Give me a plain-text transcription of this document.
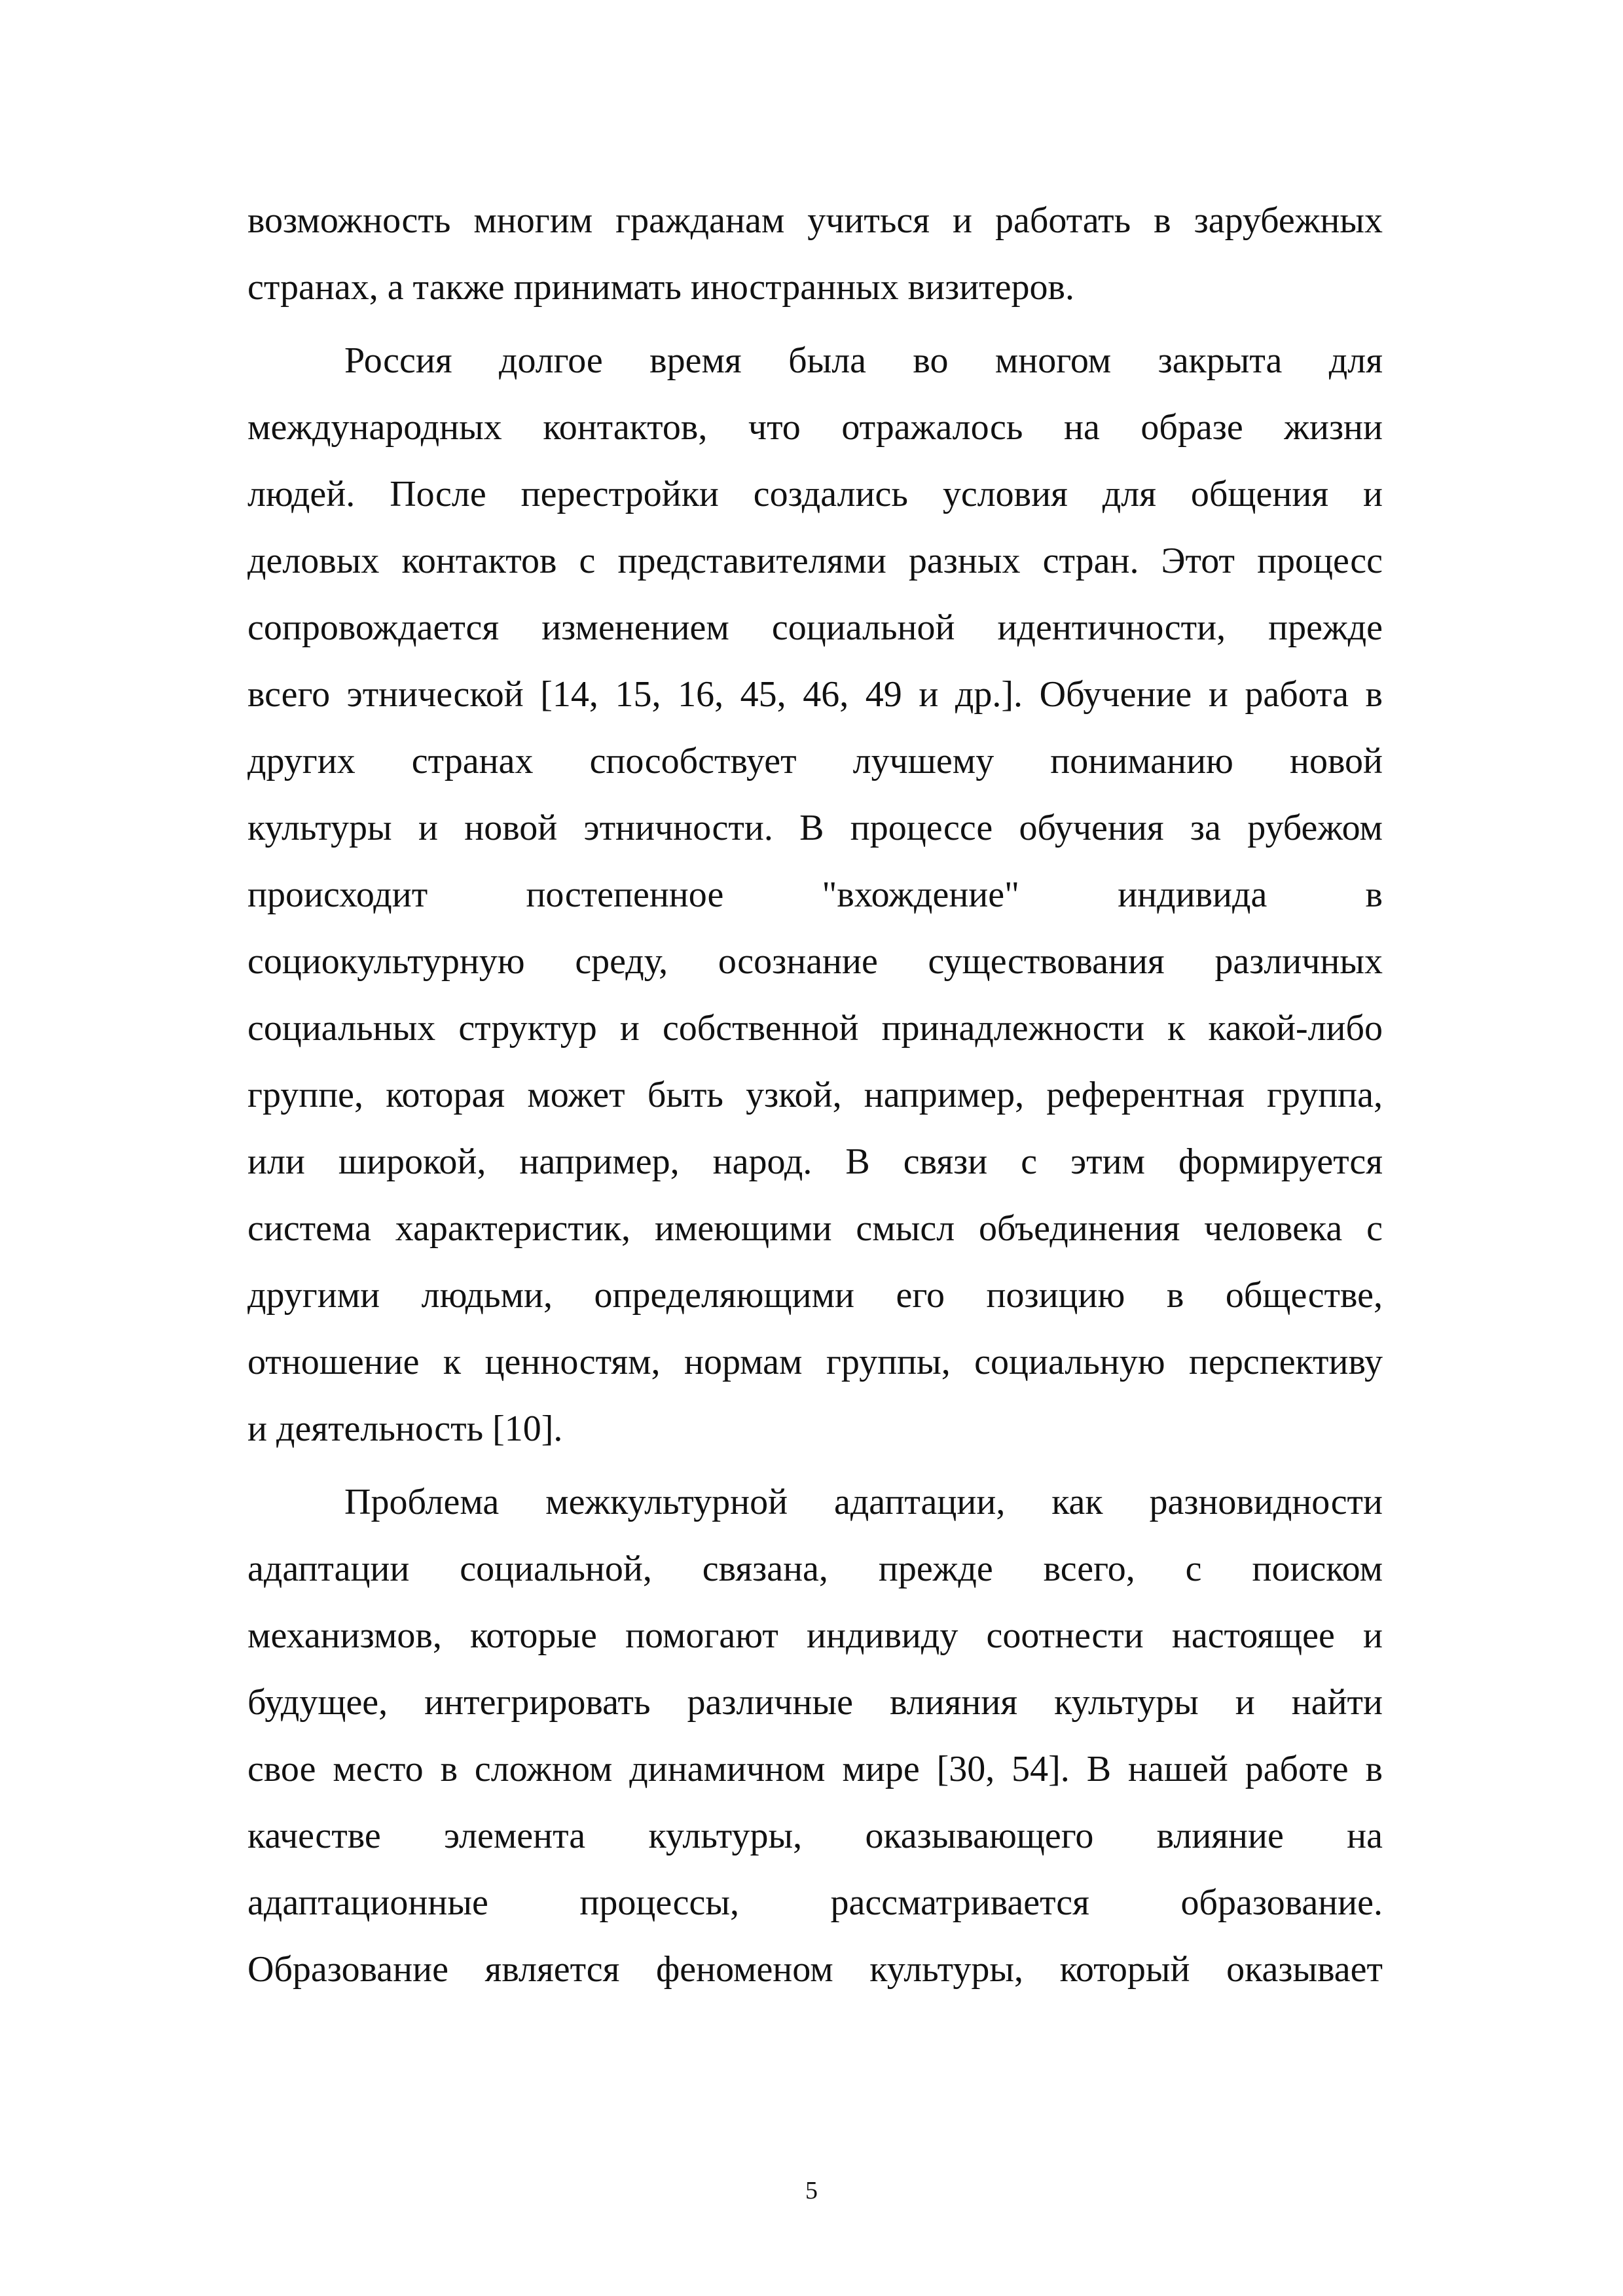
возможность многим гражданам учиться и работать в зарубежных
странах, а также принимать иностранных визитеров.
Россия долгое время была во многом закрыта для
международных контактов, что отражалось на образе жизни
людей. После перестройки создались условия для общения и
деловых контактов с представителями разных стран. Этот процесс
сопровождается изменением социальной идентичности, прежде
всего этнической [14, 15, 16, 45, 46, 49 и др.]. Обучение и работа в
других странах способствует лучшему пониманию новой
культуры и новой этничности. В процессе обучения за рубежом
происходит постепенное "вхождение" индивида в
социокультурную среду, осознание существования различных
социальных структур и собственной принадлежности к какой-либо
группе, которая может быть узкой, например, референтная группа,
или широкой, например, народ. В связи с этим формируется
система характеристик, имеющими смысл объединения человека с
другими людьми, определяющими его позицию в обществе,
отношение к ценностям, нормам группы, социальную перспективу
и деятельность [10].
Проблема межкультурной адаптации, как разновидности
адаптации социальной, связана, прежде всего, с поиском
механизмов, которые помогают индивиду соотнести настоящее и
будущее, интегрировать различные влияния культуры и найти
свое место в сложном динамичном мире [30, 54]. В нашей работе в
качестве элемента культуры, оказывающего влияние на
адаптационные процессы, рассматривается образование.
Образование является феноменом культуры, который оказывает
5
